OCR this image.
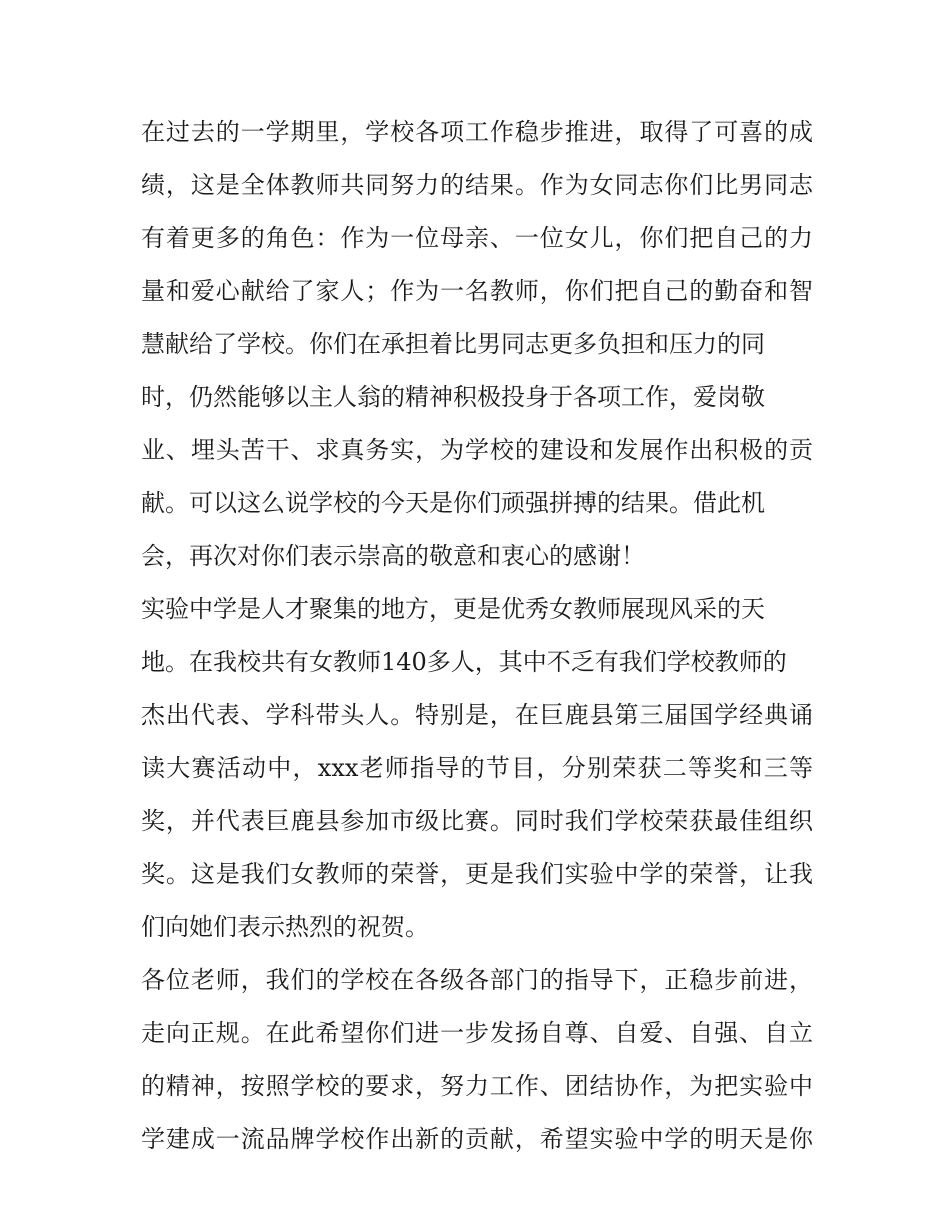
在过去的一学期里，学校各项工作稳步推进，取得了可喜的成
绩，这是全体教师共同努力的结果。作为女同志你们比男同志
有着更多的角色：作为一位母亲、一位女儿，你们把自己的力
量和爱心献给了家人；作为一名教师，你们把自己的勤奋和智
慧献给了学校。你们在承担着比男同志更多负担和压力的同
时，仍然能够以主人翁的精神积极投身于各项工作，爱岗敬
业、埋头苦干、求真务实，为学校的建设和发展作出积极的贡
献。可以这么说学校的今天是你们顽强拼搏的结果。借此机
会，再次对你们表示崇高的敬意和衷心的感谢！
实验中学是人才聚集的地方，更是优秀女教师展现风采的天
地。在我校共有女教师140多人，其中不乏有我们学校教师的
杰出代表、学科带头人。特别是，在巨鹿县第三届国学经典诵
读大赛活动中，xxx老师指导的节目，分别荣获二等奖和三等
奖，并代表巨鹿县参加市级比赛。同时我们学校荣获最佳组织
奖。这是我们女教师的荣誉，更是我们实验中学的荣誉，让我
们向她们表示热烈的祝贺。
各位老师，我们的学校在各级各部门的指导下，正稳步前进，
走向正规。在此希望你们进一步发扬自尊、自爱、自强、自立
的精神，按照学校的要求，努力工作、团结协作，为把实验中
学建成一流品牌学校作出新的贡献，希望实验中学的明天是你
